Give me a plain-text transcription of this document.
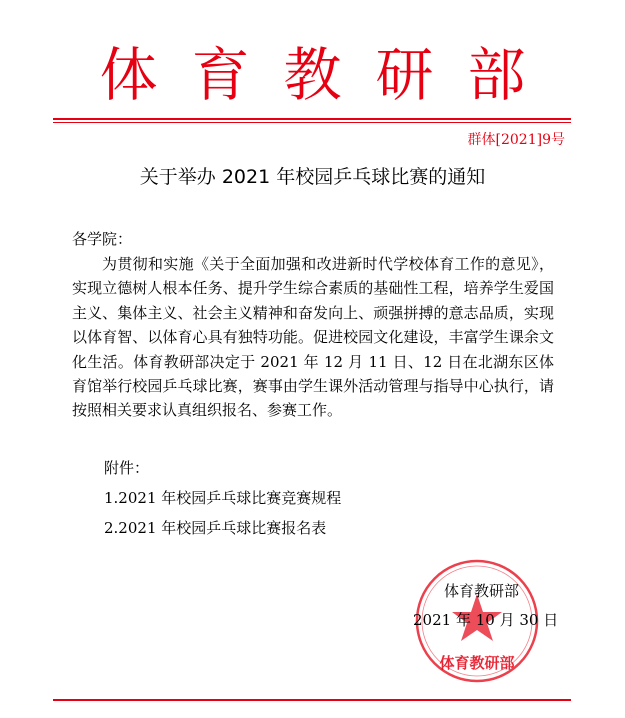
体育教研部
群体[2021]9号
关于举办 2021 年校园乒乓球比赛的通知
各学院：
为贯彻和实施《关于全面加强和改进新时代学校体育工作的意见》，实现立德树人根本任务、提升学生综合素质的基础性工程，培养学生爱国主义、集体主义、社会主义精神和奋发向上、顽强拼搏的意志品质，实现以体育智、以体育心具有独特功能。促进校园文化建设，丰富学生课余文化生活。体育教研部决定于 2021 年 12 月 11 日、12 日在北湖东区体育馆举行校园乒乓球比赛，赛事由学生课外活动管理与指导中心执行，请按照相关要求认真组织报名、参赛工作。
附件：
1.2021 年校园乒乓球比赛竞赛规程
2.2021 年校园乒乓球比赛报名表
体育教研部
体育教研部
2021 年 10 月 30 日
